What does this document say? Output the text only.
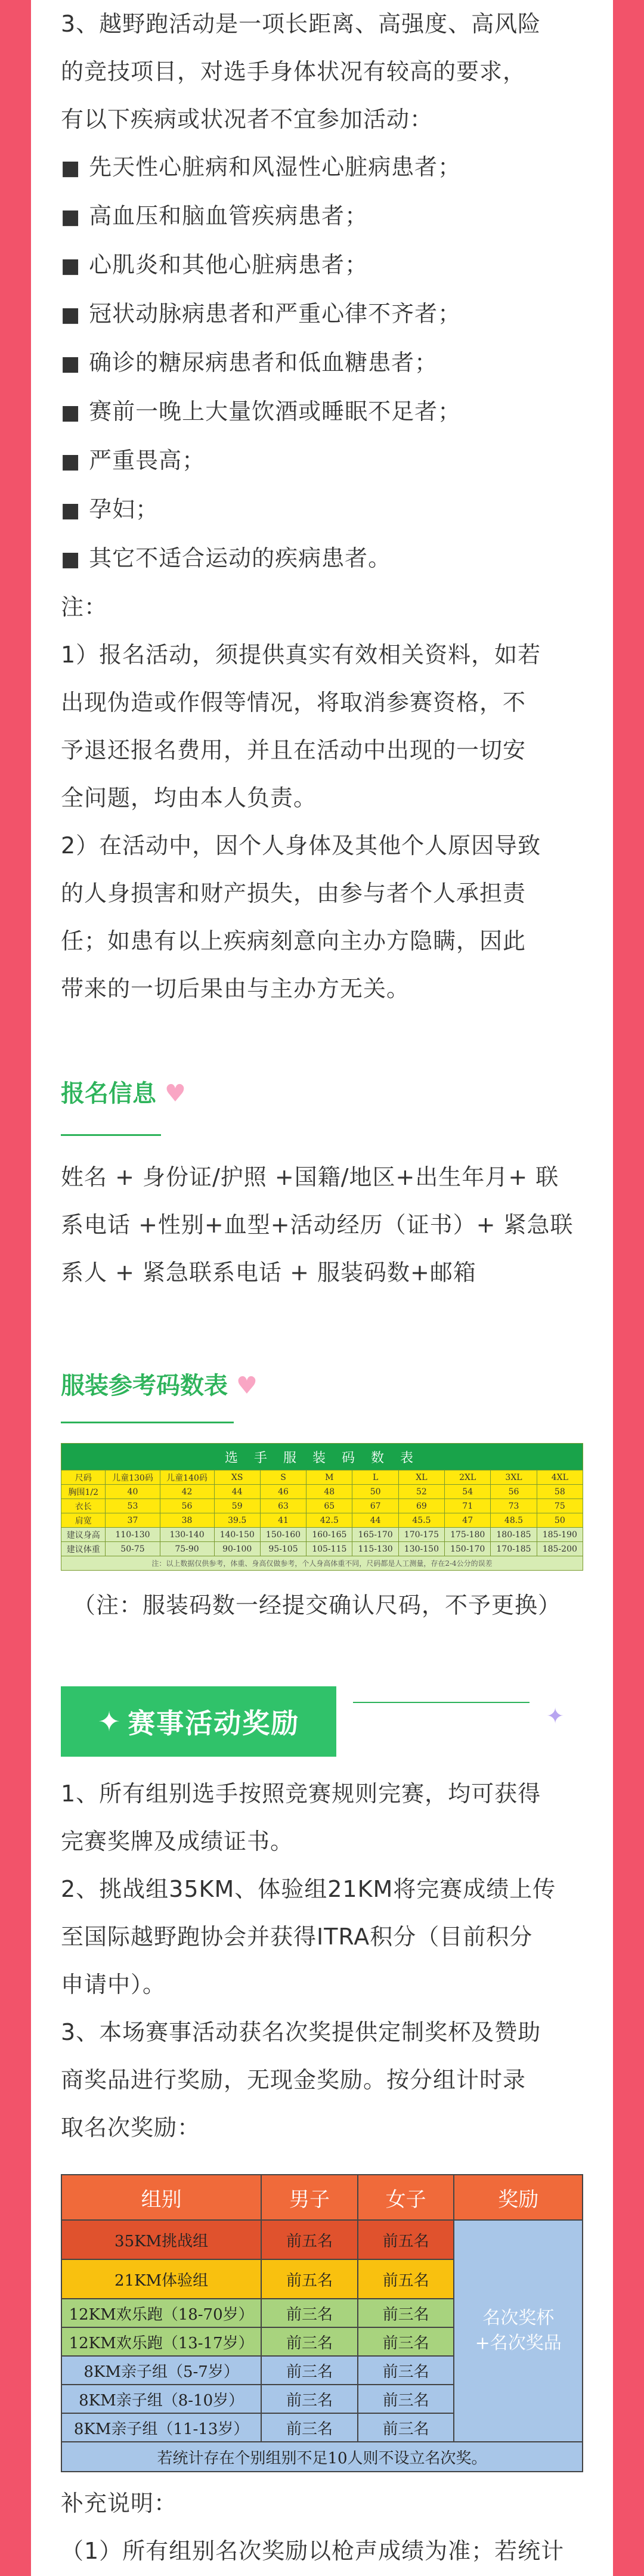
3、越野跑活动是一项长距离、高强度、高风险

的竞技项目，对选手身体状况有较高的要求，

有以下疾病或状况者不宜参加活动：

■ 先天性心脏病和风湿性心脏病患者；

■ 高血压和脑血管疾病患者；

■ 心肌炎和其他心脏病患者；

■ 冠状动脉病患者和严重心律不齐者；

■ 确诊的糖尿病患者和低血糖患者；

■ 赛前一晚上大量饮酒或睡眠不足者；

■ 严重畏高；

■ 孕妇；

■ 其它不适合运动的疾病患者。

注：

1）报名活动，须提供真实有效相关资料，如若

出现伪造或作假等情况，将取消参赛资格，不

予退还报名费用，并且在活动中出现的一切安

全问题，均由本人负责。

2）在活动中，因个人身体及其他个人原因导致

的人身损害和财产损失，由参与者个人承担责

任；如患有以上疾病刻意向主办方隐瞒，因此

带来的一切后果由与主办方无关。

报名信息 ♥

姓名 + 身份证/护照 +国籍/地区+出生年月+ 联

系电话 +性别+血型+活动经历（证书）+ 紧急联

系人 + 紧急联系电话 + 服装码数+邮箱

服装参考码数表 ♥
选 手 服 装 码 数 表										
尺码	儿童130码	儿童140码	XS	S	M	L	XL	2XL	3XL	4XL
胸围1/2	40	42	44	46	48	50	52	54	56	58
衣长	53	56	59	63	65	67	69	71	73	75
肩宽	37	38	39.5	41	42.5	44	45.5	47	48.5	50
建议身高	110-130	130-140	140-150	150-160	160-165	165-170	170-175	175-180	180-185	185-190
建议体重	50-75	75-90	90-100	95-105	105-115	115-130	130-150	150-170	170-185	185-200
注：以上数据仅供参考，体重、身高仅做参考，个人身高体重不同，尺码都是人工测量，存在2-4公分的误差										

（注：服装码数一经提交确认尺码，不予更换）

✦ 赛事活动奖励	✦

1、所有组别选手按照竞赛规则完赛，均可获得

完赛奖牌及成绩证书。

2、挑战组35KM、体验组21KM将完赛成绩上传

至国际越野跑协会并获得ITRA积分（目前积分

申请中）。

3、本场赛事活动获名次奖提供定制奖杯及赞助

商奖品进行奖励，无现金奖励。按分组计时录

取名次奖励：

组别	男子	女子	奖励
35KM挑战组	前五名	前五名	名次奖杯
+名次奖品

21KM体验组	前五名	前五名	
12KM欢乐跑（18-70岁）	前三名	前三名	
12KM欢乐跑（13-17岁）	前三名	前三名	
8KM亲子组（5-7岁）	前三名	前三名	
8KM亲子组（8-10岁）	前三名	前三名	
8KM亲子组（11-13岁）	前三名	前三名	
若统计存在个别组别不足10人则不设立名次奖。			

补充说明：

（1）所有组别名次奖励以枪声成绩为准；若统计
